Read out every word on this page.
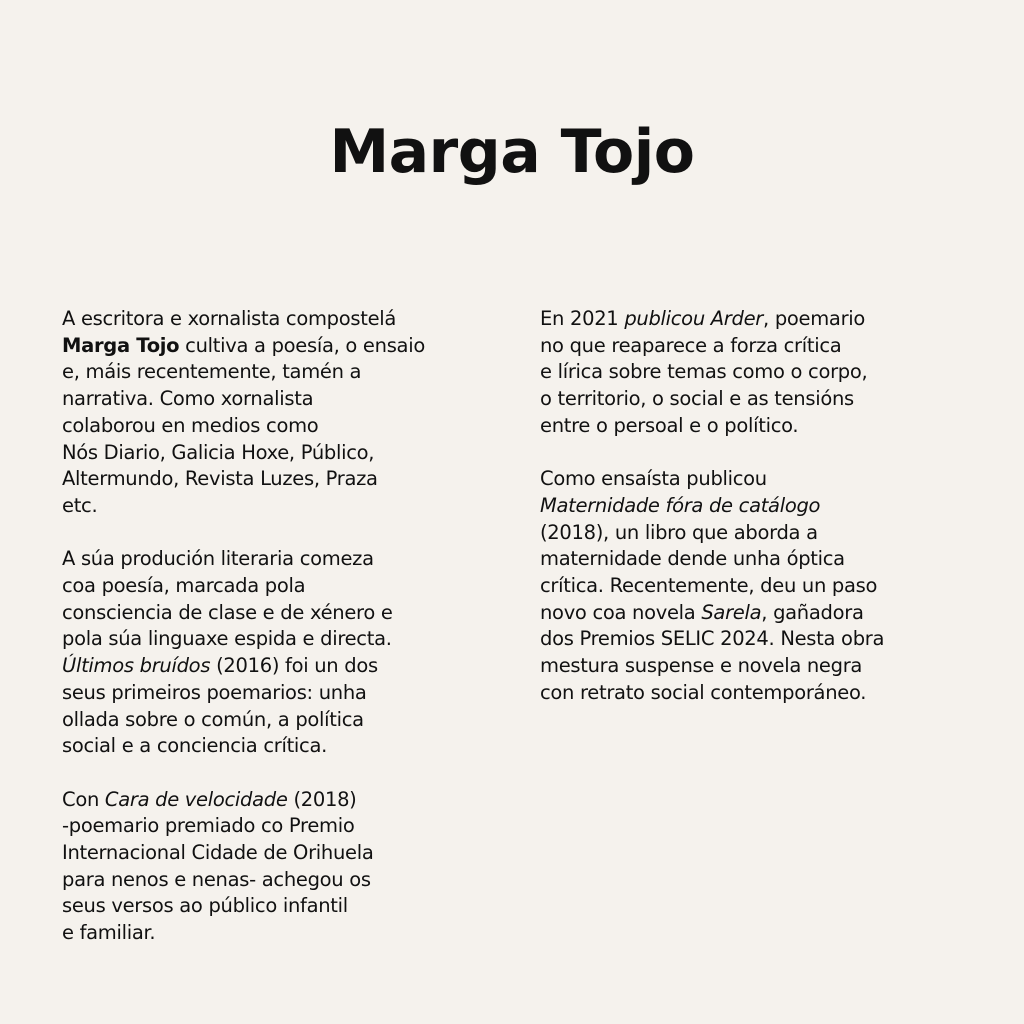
Marga Tojo
A escritora e xornalista compostelá
Marga Tojo cultiva a poesía, o ensaio
e, máis recentemente, tamén a
narrativa. Como xornalista
colaborou en medios como
Nós Diario, Galicia Hoxe, Público,
Altermundo, Revista Luzes, Praza
etc.
A súa produción literaria comeza
coa poesía, marcada pola
consciencia de clase e de xénero e
pola súa linguaxe espida e directa.
Últimos bruídos (2016) foi un dos
seus primeiros poemarios: unha
ollada sobre o común, a política
social e a conciencia crítica.
Con Cara de velocidade (2018)
-poemario premiado co Premio
Internacional Cidade de Orihuela
para nenos e nenas- achegou os
seus versos ao público infantil
e familiar.
En 2021 publicou Arder, poemario
no que reaparece a forza crítica
e lírica sobre temas como o corpo,
o territorio, o social e as tensións
entre o persoal e o político.
Como ensaísta publicou
Maternidade fóra de catálogo
(2018), un libro que aborda a
maternidade dende unha óptica
crítica. Recentemente, deu un paso
novo coa novela Sarela, gañadora
dos Premios SELIC 2024. Nesta obra
mestura suspense e novela negra
con retrato social contemporáneo.
